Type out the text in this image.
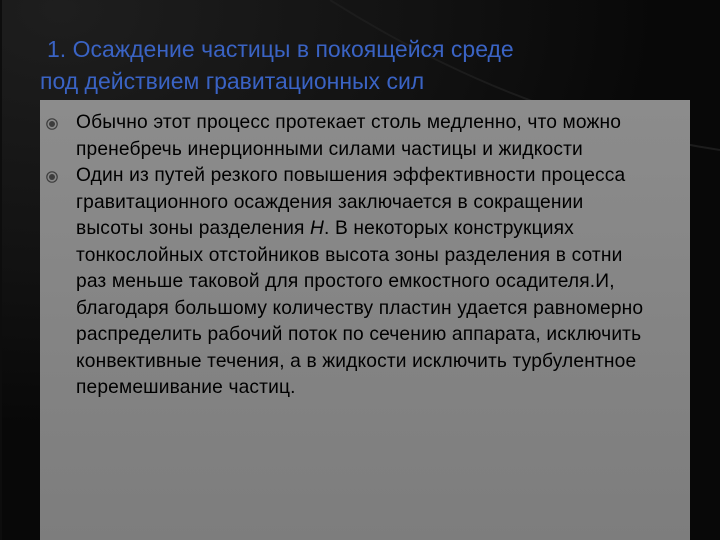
1. Осаждение частицы в покоящейся среде
под действием гравитационных сил
Обычно этот процесс протекает столь медленно, что можно пренебречь инерционными силами частицы и жидкости
Один из путей резкого повышения эффективности процесса гравитационного осаждения заключается в сокращении высоты зоны разделения Н. В некоторых конструкциях тонкослойных отстойников высота зоны разделения в сотни раз меньше таковой для простого емкостного осадителя.И, благодаря большому количеству пластин удается равномерно распределить рабочий поток по сечению аппарата, исключить конвективные течения, а в жидкости исключить турбулентное перемешивание частиц.
